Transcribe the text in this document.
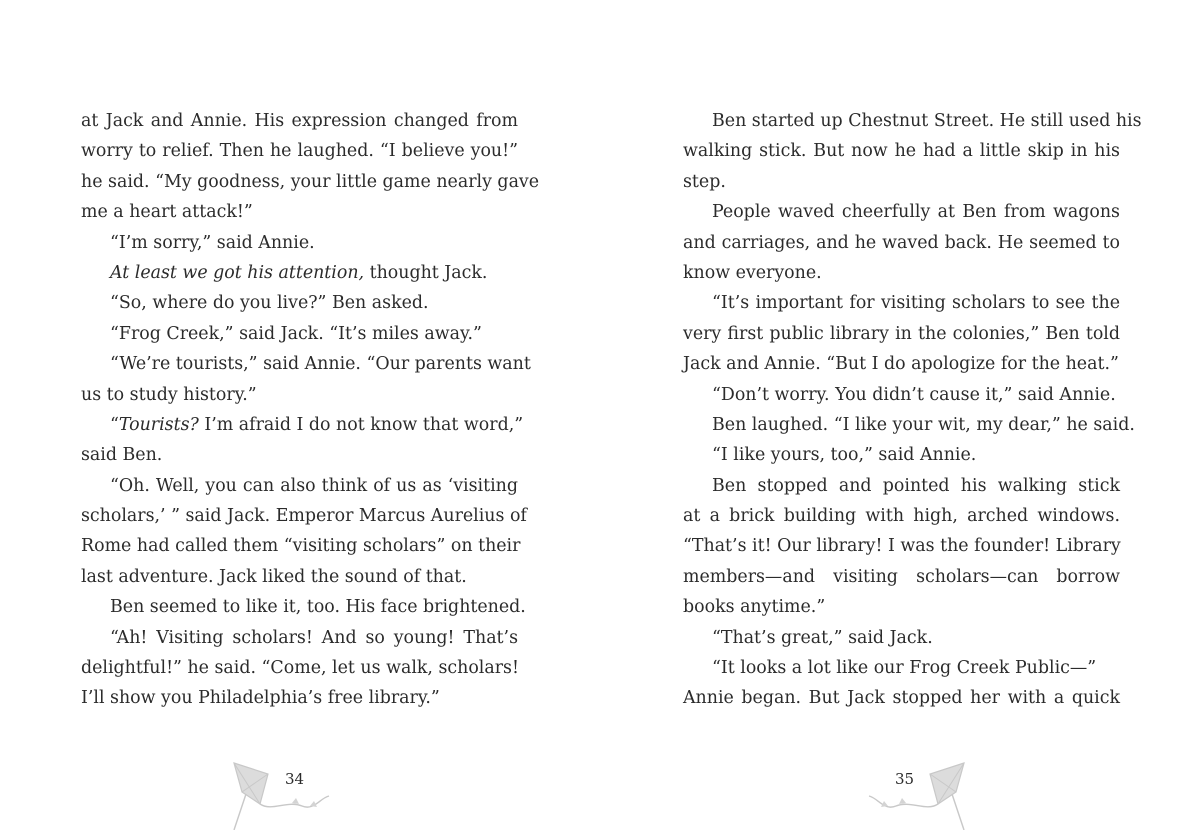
at Jack and Annie. His expression changed from
worry to relief. Then he laughed. “I believe you!”
he said. “My goodness, your little game nearly gave
me a heart attack!”
“I’m sorry,” said Annie.
At least we got his attention, thought Jack.
“So, where do you live?” Ben asked.
“Frog Creek,” said Jack. “It’s miles away.”
“We’re tourists,” said Annie. “Our parents want
us to study history.”
“Tourists? I’m afraid I do not know that word,”
said Ben.
“Oh. Well, you can also think of us as ‘visiting
scholars,’ ” said Jack. Emperor Marcus Aurelius of
Rome had called them “visiting scholars” on their
last adventure. Jack liked the sound of that.
Ben seemed to like it, too. His face brightened.
“Ah! Visiting scholars! And so young! That’s
delightful!” he said. “Come, let us walk, scholars!
I’ll show you Philadelphia’s free library.”
Ben started up Chestnut Street. He still used his
walking stick. But now he had a little skip in his
step.
People waved cheerfully at Ben from wagons
and carriages, and he waved back. He seemed to
know everyone.
“It’s important for visiting scholars to see the
very first public library in the colonies,” Ben told
Jack and Annie. “But I do apologize for the heat.”
“Don’t worry. You didn’t cause it,” said Annie.
Ben laughed. “I like your wit, my dear,” he said.
“I like yours, too,” said Annie.
Ben stopped and pointed his walking stick
at a brick building with high, arched windows.
“That’s it! Our library! I was the founder! Library
members—and visiting scholars—can borrow
books anytime.”
“That’s great,” said Jack.
“It looks a lot like our Frog Creek Public—”
Annie began. But Jack stopped her with a quick
34	35
